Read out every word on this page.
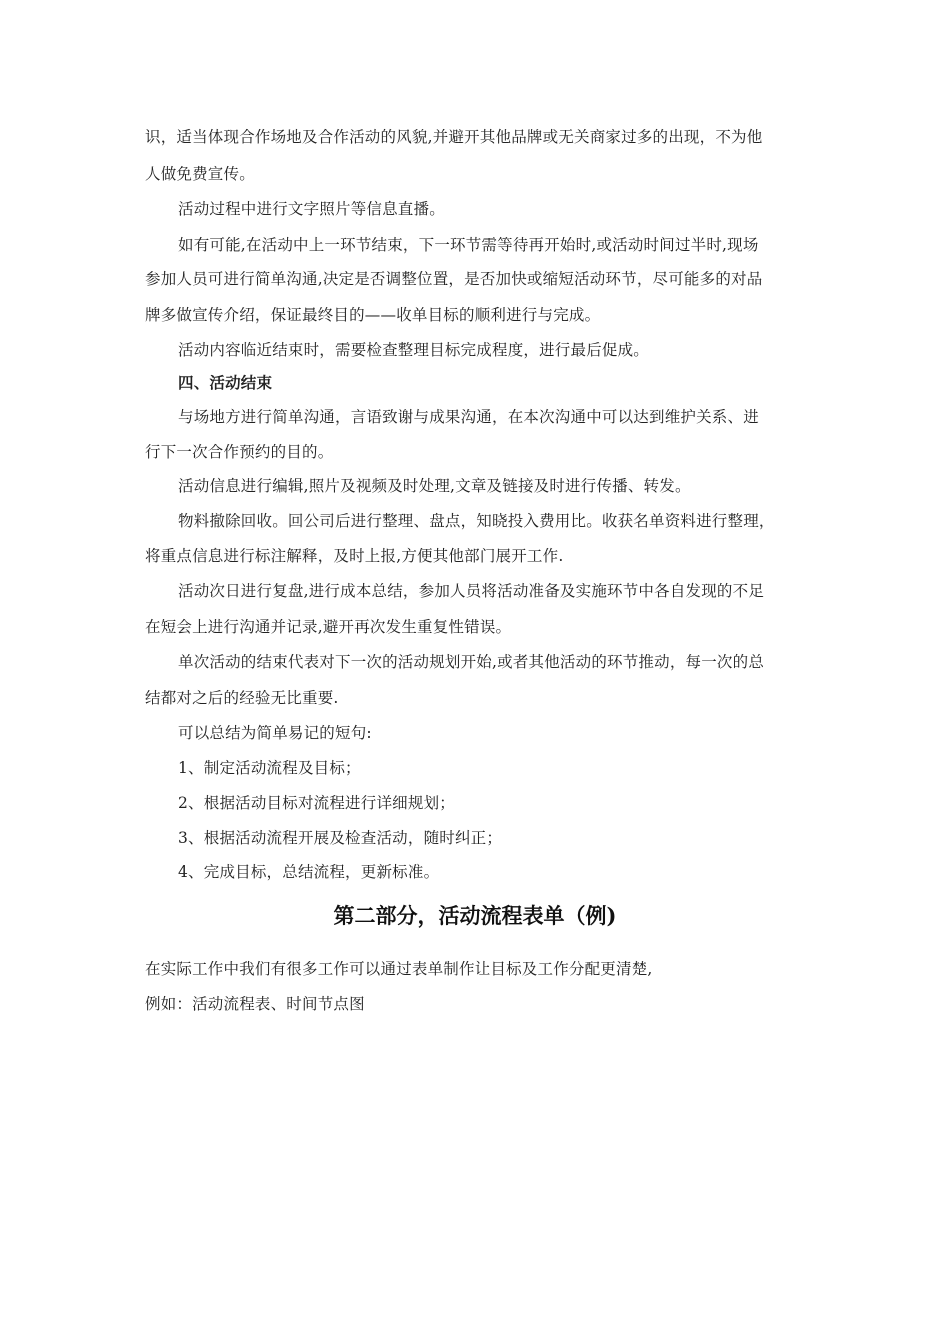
识，适当体现合作场地及合作活动的风貌,并避开其他品牌或无关商家过多的出现，不为他
人做免费宣传。
活动过程中进行文字照片等信息直播。
如有可能,在活动中上一环节结束，下一环节需等待再开始时,或活动时间过半时,现场
参加人员可进行简单沟通,决定是否调整位置，是否加快或缩短活动环节，尽可能多的对品
牌多做宣传介绍，保证最终目的——收单目标的顺利进行与完成。
活动内容临近结束时，需要检查整理目标完成程度，进行最后促成。
四、活动结束
与场地方进行简单沟通，言语致谢与成果沟通，在本次沟通中可以达到维护关系、进
行下一次合作预约的目的。
活动信息进行编辑,照片及视频及时处理,文章及链接及时进行传播、转发。
物料撤除回收。回公司后进行整理、盘点，知晓投入费用比。收获名单资料进行整理，
将重点信息进行标注解释，及时上报,方便其他部门展开工作.
活动次日进行复盘,进行成本总结，参加人员将活动准备及实施环节中各自发现的不足
在短会上进行沟通并记录,避开再次发生重复性错误。
单次活动的结束代表对下一次的活动规划开始,或者其他活动的环节推动，每一次的总
结都对之后的经验无比重要.
可以总结为简单易记的短句:
1、制定活动流程及目标；
2、根据活动目标对流程进行详细规划；
3、根据活动流程开展及检查活动，随时纠正；
4、完成目标，总结流程，更新标准。
第二部分，活动流程表单（例)
在实际工作中我们有很多工作可以通过表单制作让目标及工作分配更清楚,
例如：活动流程表、时间节点图
